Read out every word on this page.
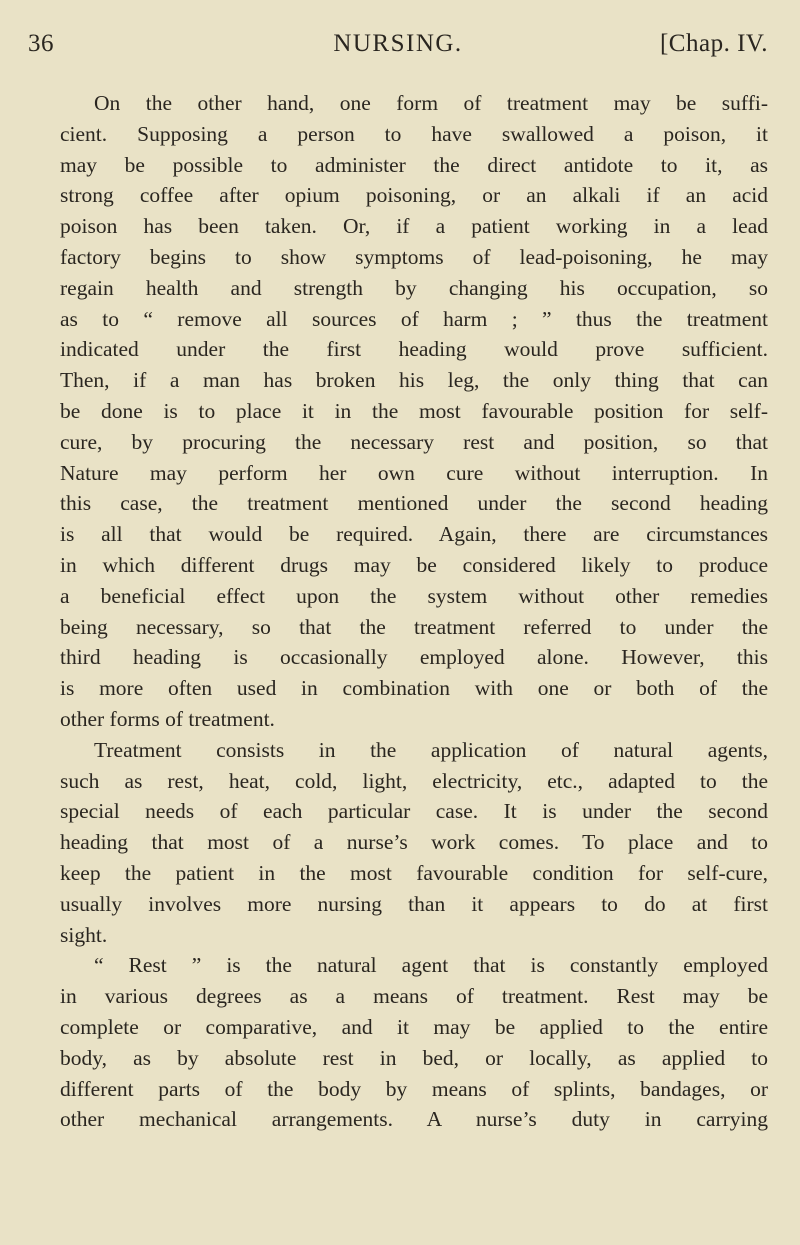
36	NURSING.	[Chap. IV.
On the other hand, one form of treatment may be suffi-
cient. Supposing a person to have swallowed a poison, it
may be possible to administer the direct antidote to it, as
strong coffee after opium poisoning, or an alkali if an acid
poison has been taken. Or, if a patient working in a lead
factory begins to show symptoms of lead-poisoning, he may
regain health and strength by changing his occupation, so
as to “ remove all sources of harm ; ” thus the treatment
indicated under the first heading would prove sufficient.
Then, if a man has broken his leg, the only thing that can
be done is to place it in the most favourable position for self-
cure, by procuring the necessary rest and position, so that
Nature may perform her own cure without interruption. In
this case, the treatment mentioned under the second heading
is all that would be required. Again, there are circumstances
in which different drugs may be considered likely to produce
a beneficial effect upon the system without other remedies
being necessary, so that the treatment referred to under the
third heading is occasionally employed alone. However, this
is more often used in combination with one or both of the
other forms of treatment.
Treatment consists in the application of natural agents,
such as rest, heat, cold, light, electricity, etc., adapted to the
special needs of each particular case. It is under the second
heading that most of a nurse’s work comes. To place and to
keep the patient in the most favourable condition for self-cure,
usually involves more nursing than it appears to do at first
sight.
“ Rest ” is the natural agent that is constantly employed
in various degrees as a means of treatment. Rest may be
complete or comparative, and it may be applied to the entire
body, as by absolute rest in bed, or locally, as applied to
different parts of the body by means of splints, bandages, or
other mechanical arrangements. A nurse’s duty in carrying
